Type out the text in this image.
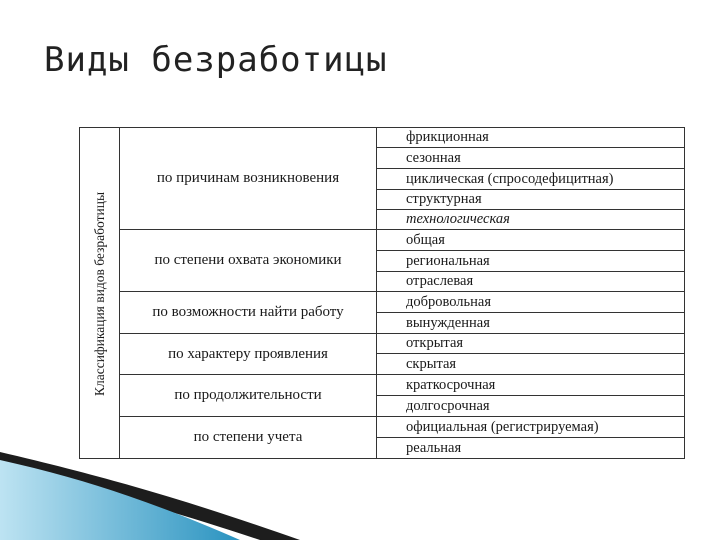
Виды безработицы
Классификация видов безработицы
по причинам возникновения
по степени охвата экономики
по возможности найти работу
по характеру проявления
по продолжительности
по степени учета
фрикционная
сезонная
циклическая (спросодефицитная)
структурная
технологическая
общая
региональная
отраслевая
добровольная
вынужденная
открытая
скрытая
краткосрочная
долгосрочная
официальная (регистрируемая)
реальная
